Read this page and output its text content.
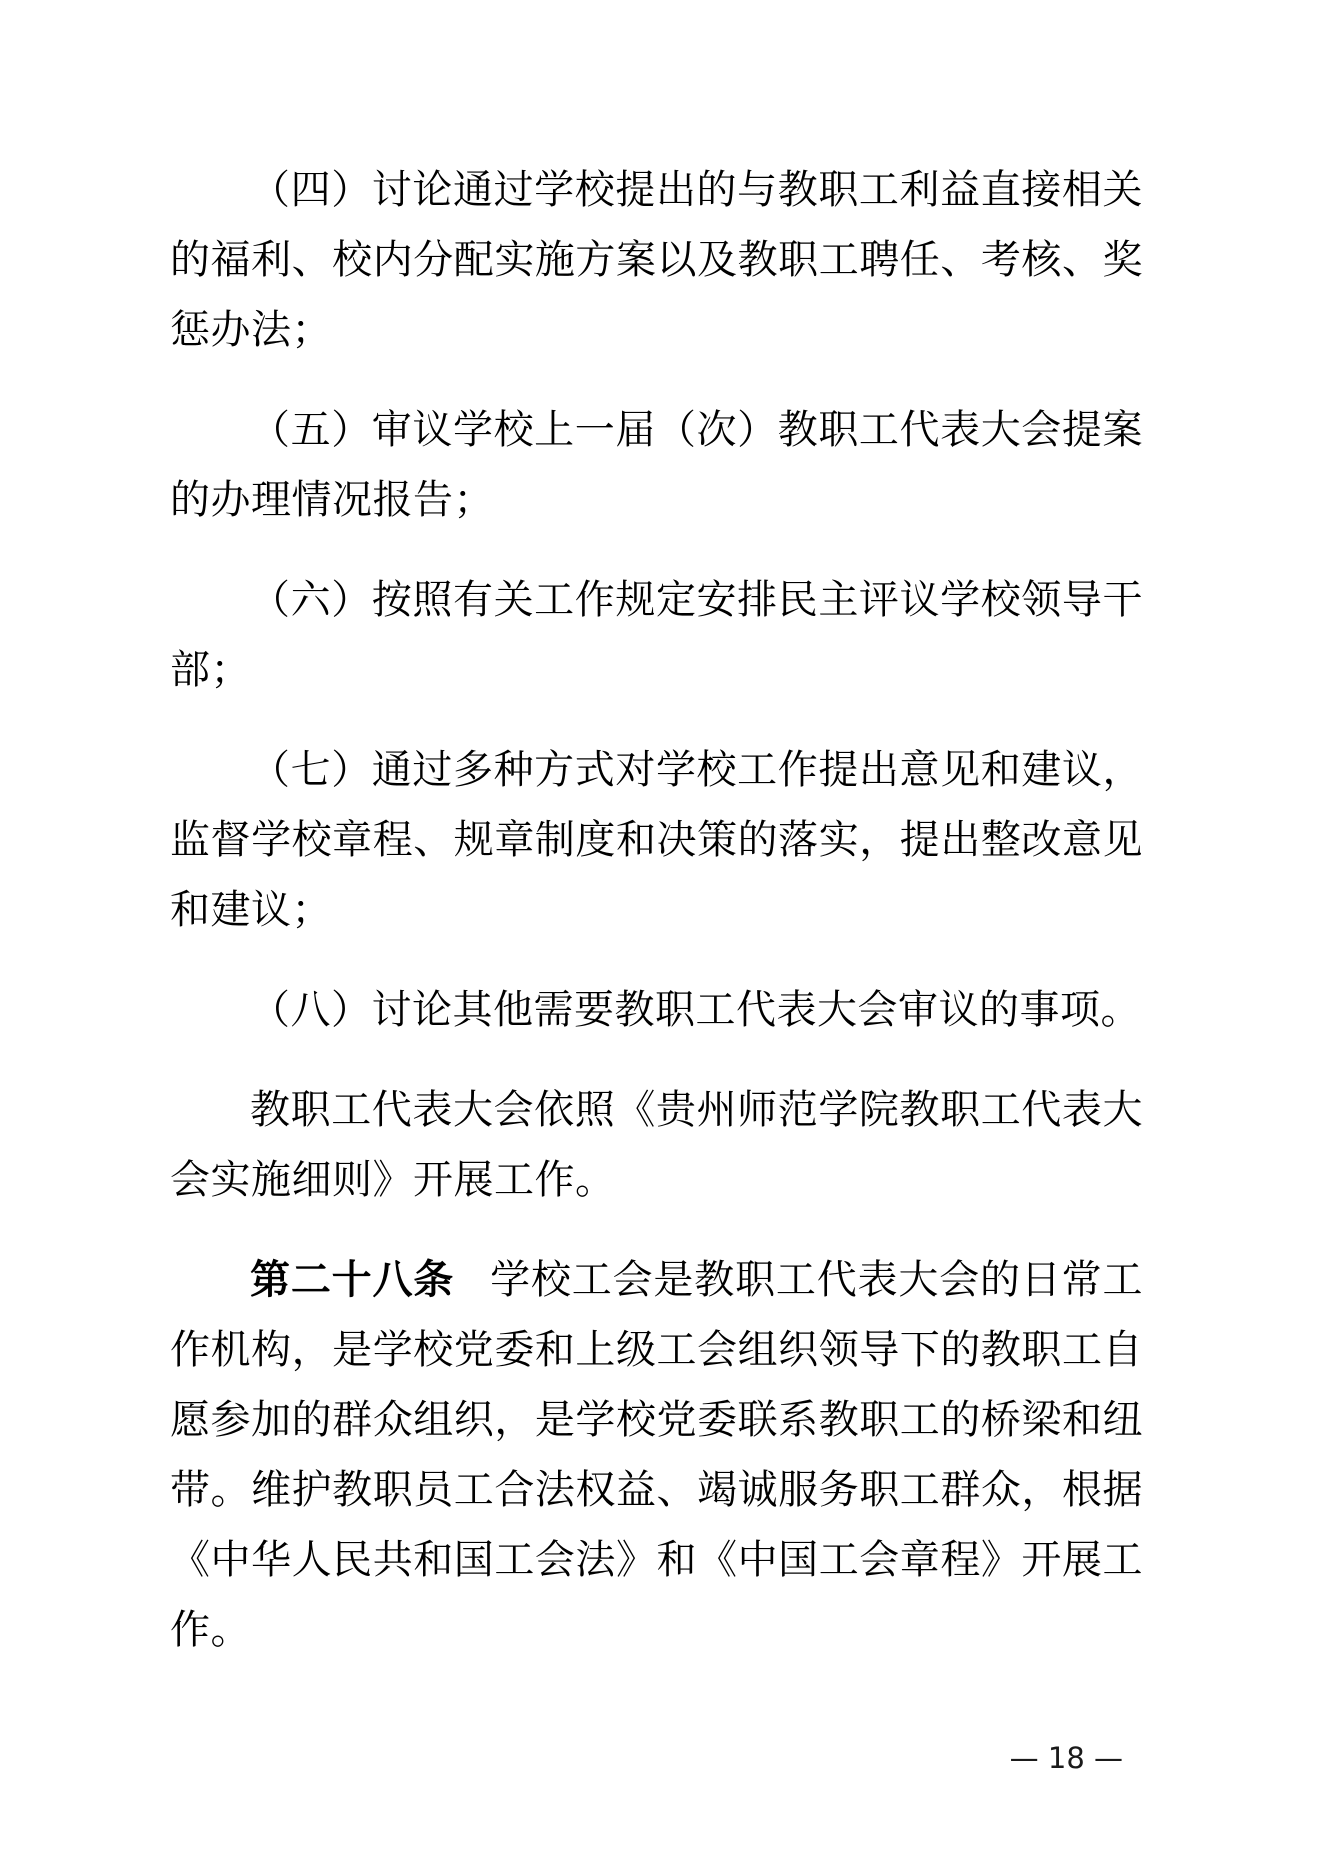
（四）讨论通过学校提出的与教职工利益直接相关的福利、校内分配实施方案以及教职工聘任、考核、奖惩办法；

（五）审议学校上一届（次）教职工代表大会提案的办理情况报告；

（六）按照有关工作规定安排民主评议学校领导干部；

（七）通过多种方式对学校工作提出意见和建议，监督学校章程、规章制度和决策的落实，提出整改意见和建议；

（八）讨论其他需要教职工代表大会审议的事项。

教职工代表大会依照《贵州师范学院教职工代表大会实施细则》开展工作。

第二十八条 学校工会是教职工代表大会的日常工作机构，是学校党委和上级工会组织领导下的教职工自愿参加的群众组织，是学校党委联系教职工的桥梁和纽带。维护教职员工合法权益、竭诚服务职工群众，根据《中华人民共和国工会法》和《中国工会章程》开展工作。

— 18 —
